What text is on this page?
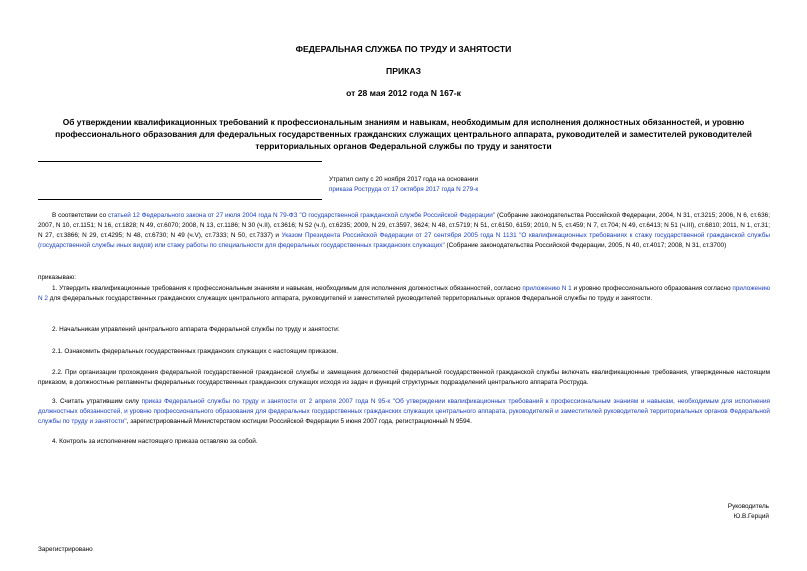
ФЕДЕРАЛЬНАЯ СЛУЖБА ПО ТРУДУ И ЗАНЯТОСТИ
ПРИКАЗ
от 28 мая 2012 года N 167-к
Об утверждении квалификационных требований к профессиональным знаниям и навыкам, необходимым для исполнения должностных обязанностей, и уровню профессионального образования для федеральных государственных гражданских служащих центрального аппарата, руководителей и заместителей руководителей территориальных органов Федеральной службы по труду и занятости
Утратил силу с 20 ноября 2017 года на основании
приказа Роструда от 17 октября 2017 года N 279-к
В соответствии со статьей 12 Федерального закона от 27 июля 2004 года N 79-ФЗ "О государственной гражданской службе Российской Федерации" (Собрание законодательства Российской Федерации, 2004, N 31, ст.3215; 2006, N 6, ст.636; 2007, N 10, ст.1151; N 16, ст.1828; N 49, ст.6070; 2008, N 13, ст.1186; N 30 (ч.II), ст.3616; N 52 (ч.I), ст.6235; 2009, N 29, ст.3597, 3624; N 48, ст.5719; N 51, ст.6150, 6159; 2010, N 5, ст.459; N 7, ст.704; N 49, ст.6413; N 51 (ч.III), ст.6810; 2011, N 1, ст.31; N 27, ст.3866; N 29, ст.4295; N 48, ст.6730; N 49 (ч.V), ст.7333; N 50, ст.7337) и Указом Президента Российской Федерации от 27 сентября 2005 года N 1131 "О квалификационных требованиях к стажу государственной гражданской службы (государственной службы иных видов) или стажу работы по специальности для федеральных государственных гражданских служащих" (Собрание законодательства Российской Федерации, 2005, N 40, ст.4017; 2008, N 31, ст.3700)
приказываю:
1. Утвердить квалификационные требования к профессиональным знаниям и навыкам, необходимым для исполнения должностных обязанностей, согласно приложению N 1 и уровню профессионального образования согласно приложению N 2 для федеральных государственных гражданских служащих центрального аппарата, руководителей и заместителей руководителей территориальных органов Федеральной службы по труду и занятости.
2. Начальникам управлений центрального аппарата Федеральной службы по труду и занятости:
2.1. Ознакомить федеральных государственных гражданских служащих с настоящим приказом.
2.2. При организации прохождения федеральной государственной гражданской службы и замещения должностей федеральной государственной гражданской службы включать квалификационные требования, утвержденные настоящим приказом, в должностные регламенты федеральных государственных гражданских служащих исходя из задач и функций структурных подразделений центрального аппарата Роструда.
3. Считать утратившим силу приказ Федеральной службы по труду и занятости от 2 апреля 2007 года N 95-к "Об утверждении квалификационных требований к профессиональным знаниям и навыкам, необходимым для исполнения должностных обязанностей, и уровню профессионального образования для федеральных государственных гражданских служащих центрального аппарата, руководителей и заместителей руководителей территориальных органов Федеральной службы по труду и занятости", зарегистрированный Министерством юстиции Российской Федерации 5 июня 2007 года, регистрационный N 9594.
4. Контроль за исполнением настоящего приказа оставляю за собой.
Руководитель
Ю.В.Герций
Зарегистрировано
